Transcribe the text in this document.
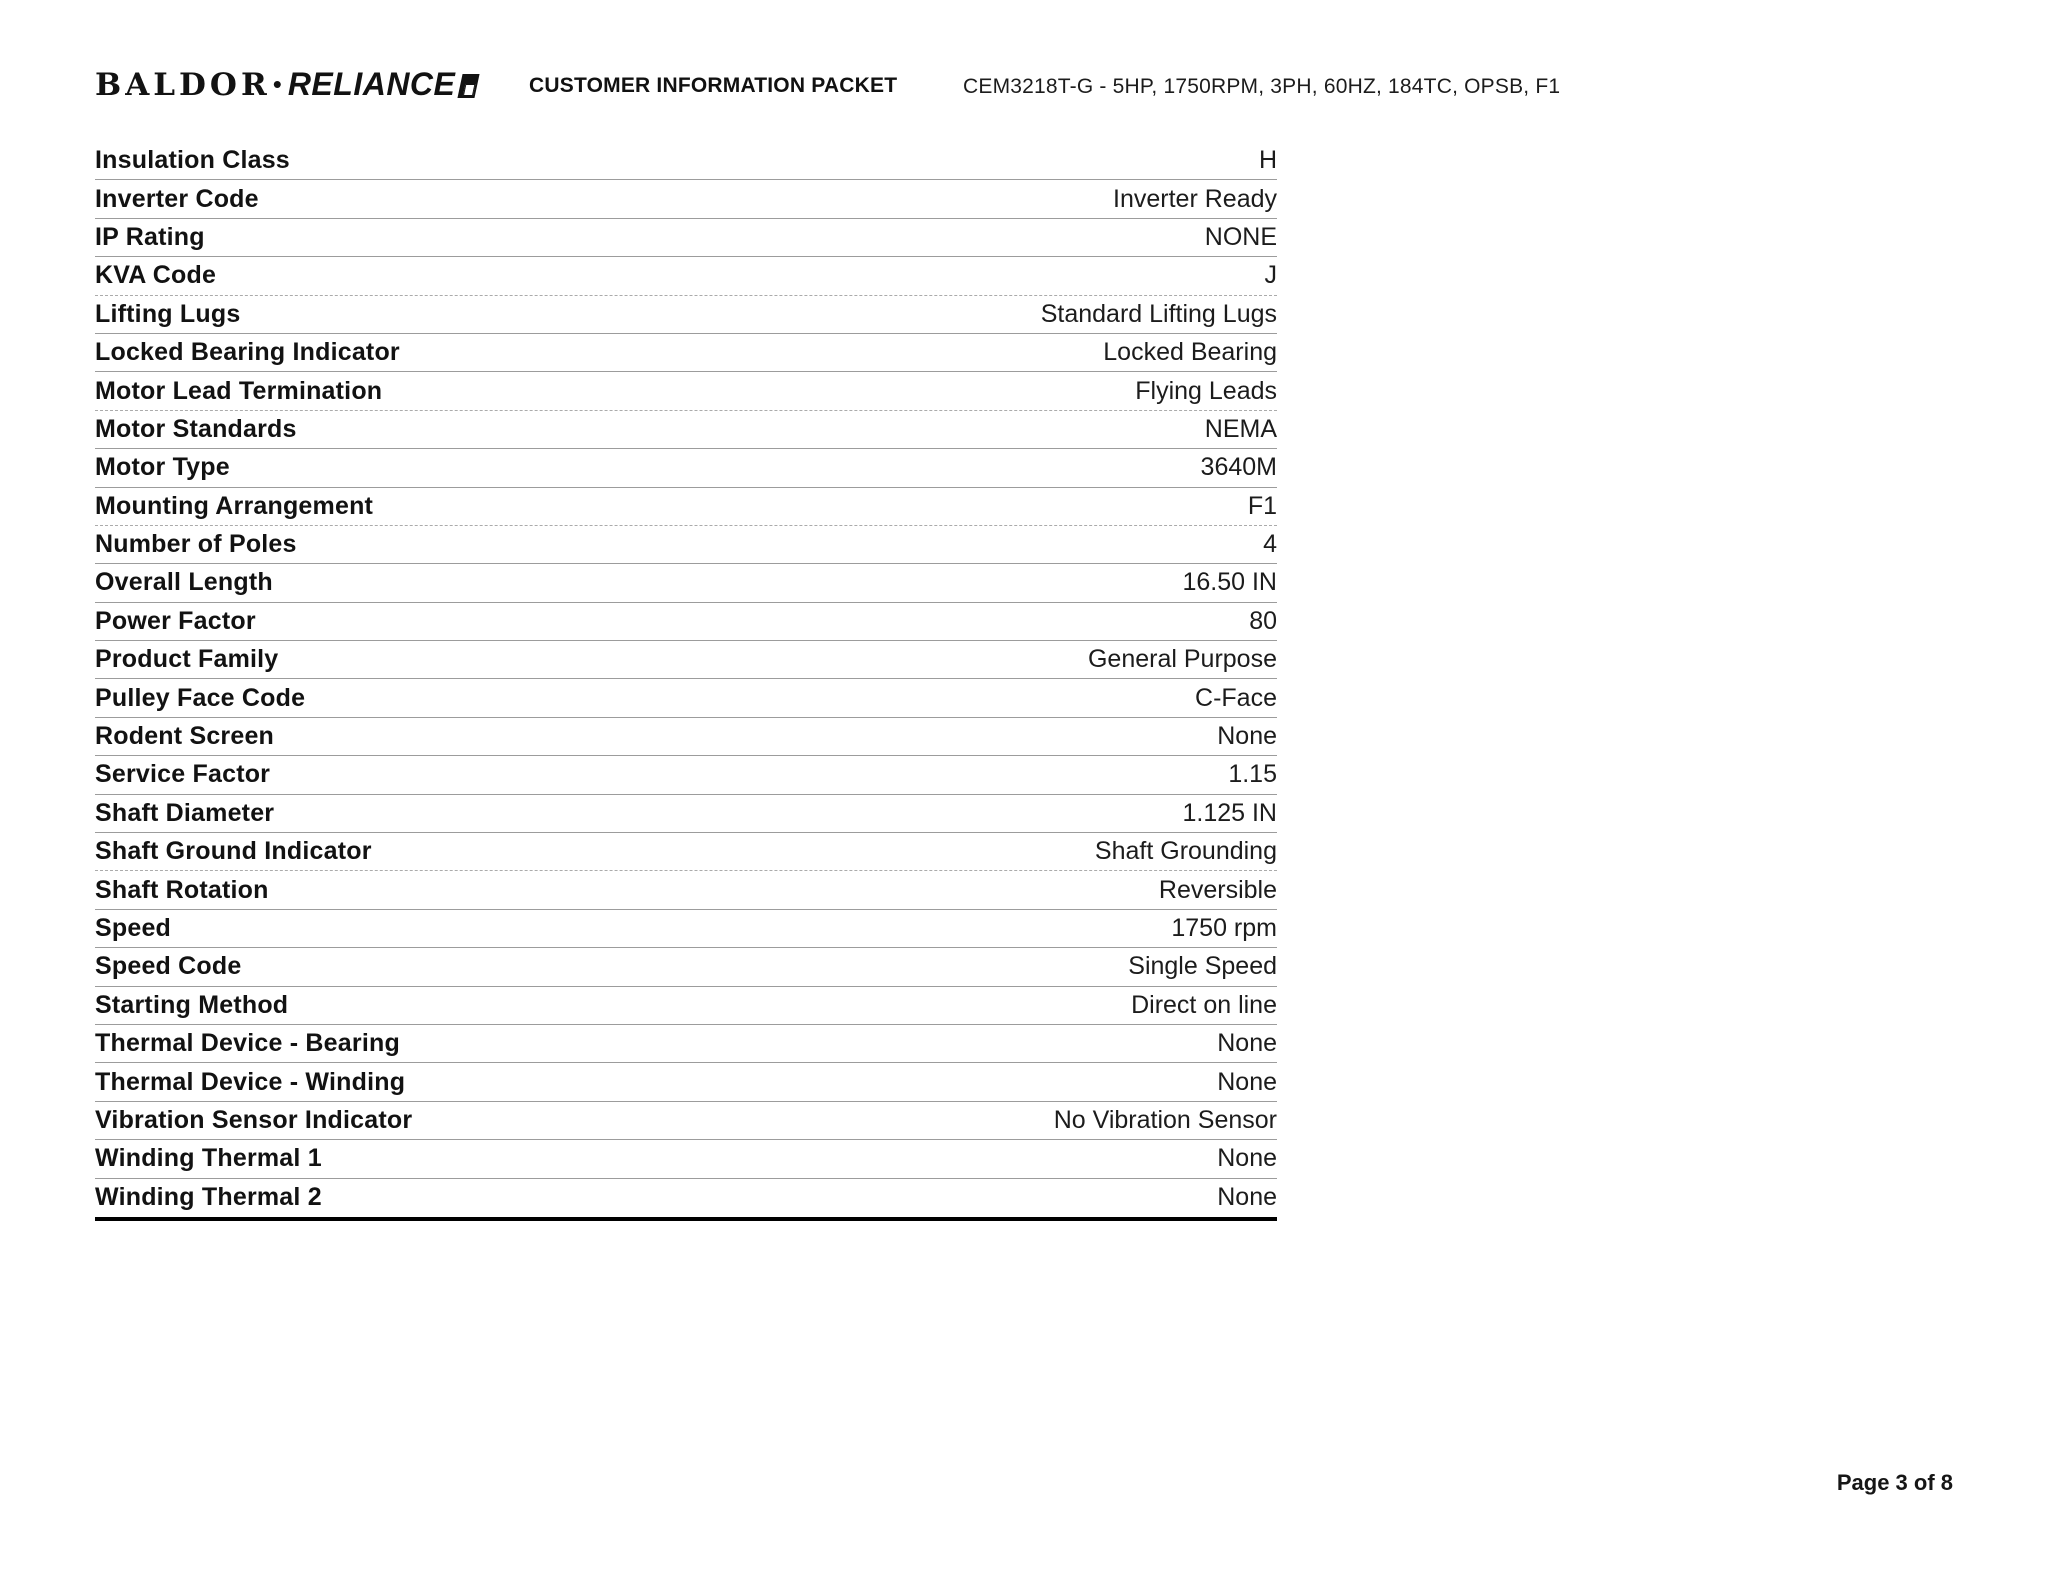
BALDOR • RELIANCE	CUSTOMER INFORMATION PACKET	CEM3218T-G - 5HP, 1750RPM, 3PH, 60HZ, 184TC, OPSB, F1
Insulation Class	H
Inverter Code	Inverter Ready
IP Rating	NONE
KVA Code	J
Lifting Lugs	Standard Lifting Lugs
Locked Bearing Indicator	Locked Bearing
Motor Lead Termination	Flying Leads
Motor Standards	NEMA
Motor Type	3640M
Mounting Arrangement	F1
Number of Poles	4
Overall Length	16.50 IN
Power Factor	80
Product Family	General Purpose
Pulley Face Code	C-Face
Rodent Screen	None
Service Factor	1.15
Shaft Diameter	1.125 IN
Shaft Ground Indicator	Shaft Grounding
Shaft Rotation	Reversible
Speed	1750 rpm
Speed Code	Single Speed
Starting Method	Direct on line
Thermal Device - Bearing	None
Thermal Device - Winding	None
Vibration Sensor Indicator	No Vibration Sensor
Winding Thermal 1	None
Winding Thermal 2	None
Page 3 of 8
